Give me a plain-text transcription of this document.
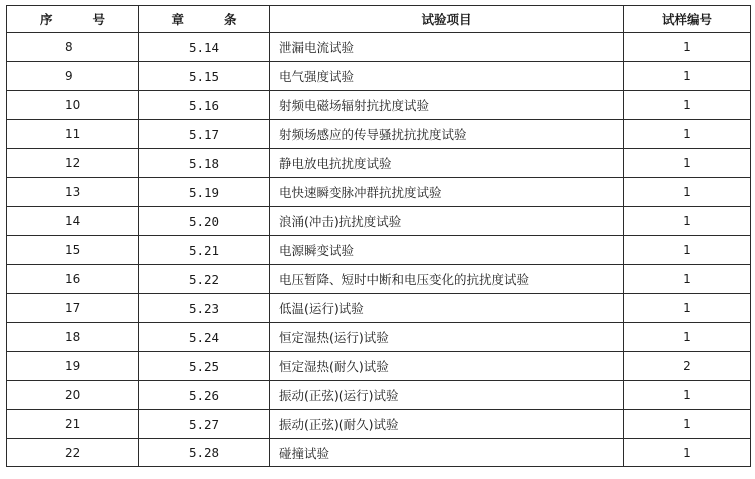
序 号	章 条	试验项目	试样编号
8	5.14	泄漏电流试验	1
9	5.15	电气强度试验	1
10	5.16	射频电磁场辐射抗扰度试验	1
11	5.17	射频场感应的传导骚扰抗扰度试验	1
12	5.18	静电放电抗扰度试验	1
13	5.19	电快速瞬变脉冲群抗扰度试验	1
14	5.20	浪涌(冲击)抗扰度试验	1
15	5.21	电源瞬变试验	1
16	5.22	电压暂降、短时中断和电压变化的抗扰度试验	1
17	5.23	低温(运行)试验	1
18	5.24	恒定湿热(运行)试验	1
19	5.25	恒定湿热(耐久)试验	2
20	5.26	振动(正弦)(运行)试验	1
21	5.27	振动(正弦)(耐久)试验	1
22	5.28	碰撞试验	1
